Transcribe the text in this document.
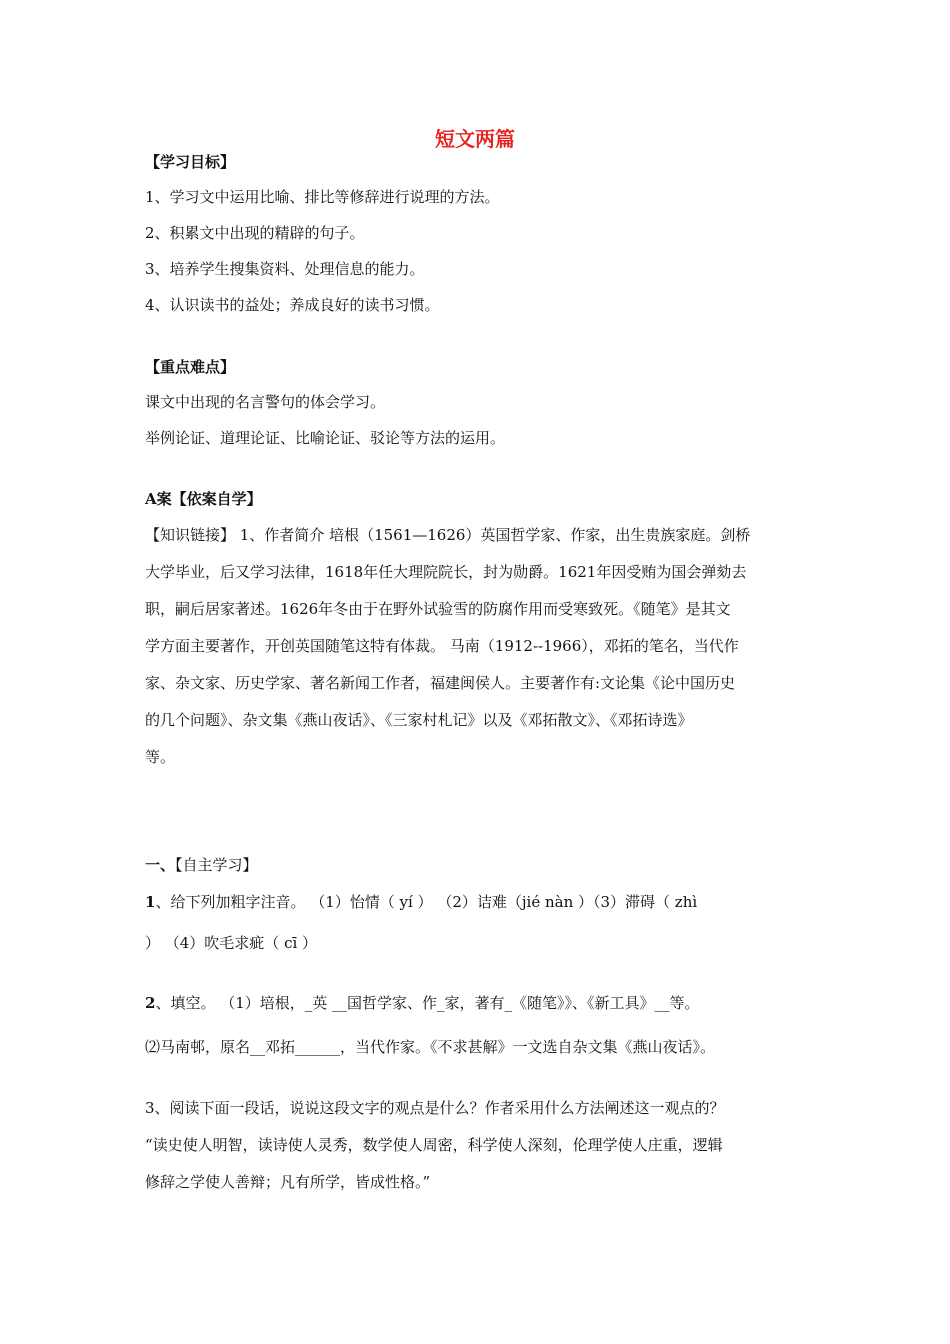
短文两篇
【学习目标】
1、学习文中运用比喻、排比等修辞进行说理的方法。
2、积累文中出现的精辟的句子。
3、培养学生搜集资料、处理信息的能力。
4、认识读书的益处；养成良好的读书习惯。
【重点难点】
课文中出现的名言警句的体会学习。
举例论证、道理论证、比喻论证、驳论等方法的运用。
A案【依案自学】
【知识链接】 1、作者简介 培根（1561—1626）英国哲学家、作家，出生贵族家庭。剑桥
大学毕业，后又学习法律，1618年任大理院院长，封为勋爵。1621年因受贿为国会弹劾去
职，嗣后居家著述。1626年冬由于在野外试验雪的防腐作用而受寒致死。《随笔》是其文
学方面主要著作，开创英国随笔这特有体裁。 马南（1912--1966），邓拓的笔名，当代作
家、杂文家、历史学家、著名新闻工作者，福建闽侯人。主要著作有:文论集《论中国历史
的几个问题》、杂文集《燕山夜话》、《三家村札记》以及《邓拓散文》、《邓拓诗选》
等。
一、【自主学习】
1、给下列加粗字注音。 （1）怡情（ yí ） （2）诘难（jié nàn ）（3）滞碍（ zhì
） （4）吹毛求疵（ cī ）
2、填空。 （1）培根，_英 __国哲学家、作_家，著有_《随笔》》、《新工具》__等。
⑵马南邨，原名__邓拓______，当代作家。《不求甚解》一文选自杂文集《燕山夜话》。
3、阅读下面一段话，说说这段文字的观点是什么？作者采用什么方法阐述这一观点的？
“读史使人明智，读诗使人灵秀，数学使人周密，科学使人深刻，伦理学使人庄重，逻辑
修辞之学使人善辩；凡有所学，皆成性格。”
